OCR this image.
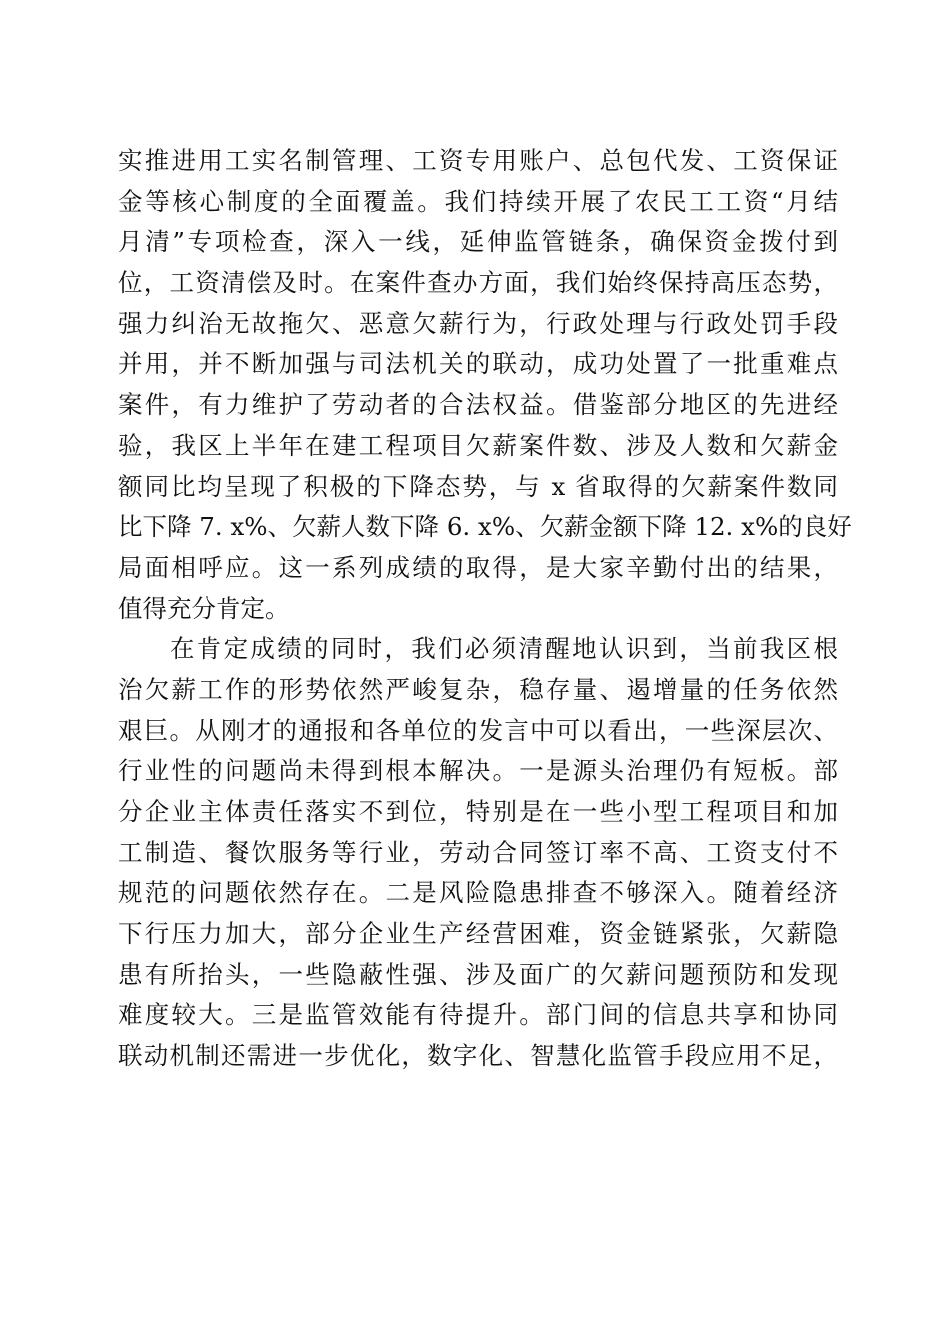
实推进用工实名制管理、工资专用账户、总包代发、工资保证
金等核心制度的全面覆盖。我们持续开展了农民工工资“月结
月清”专项检查，深入一线，延伸监管链条，确保资金拨付到
位，工资清偿及时。在案件查办方面，我们始终保持高压态势，
强力纠治无故拖欠、恶意欠薪行为，行政处理与行政处罚手段
并用，并不断加强与司法机关的联动，成功处置了一批重难点
案件，有力维护了劳动者的合法权益。借鉴部分地区的先进经
验，我区上半年在建工程项目欠薪案件数、涉及人数和欠薪金
额同比均呈现了积极的下降态势，与 x 省取得的欠薪案件数同
比下降 7. x%、欠薪人数下降 6. x%、欠薪金额下降 12. x%的良好
局面相呼应。这一系列成绩的取得，是大家辛勤付出的结果，
值得充分肯定。
在肯定成绩的同时，我们必须清醒地认识到，当前我区根
治欠薪工作的形势依然严峻复杂，稳存量、遏增量的任务依然
艰巨。从刚才的通报和各单位的发言中可以看出，一些深层次、
行业性的问题尚未得到根本解决。一是源头治理仍有短板。部
分企业主体责任落实不到位，特别是在一些小型工程项目和加
工制造、餐饮服务等行业，劳动合同签订率不高、工资支付不
规范的问题依然存在。二是风险隐患排查不够深入。随着经济
下行压力加大，部分企业生产经营困难，资金链紧张，欠薪隐
患有所抬头，一些隐蔽性强、涉及面广的欠薪问题预防和发现
难度较大。三是监管效能有待提升。部门间的信息共享和协同
联动机制还需进一步优化，数字化、智慧化监管手段应用不足，
